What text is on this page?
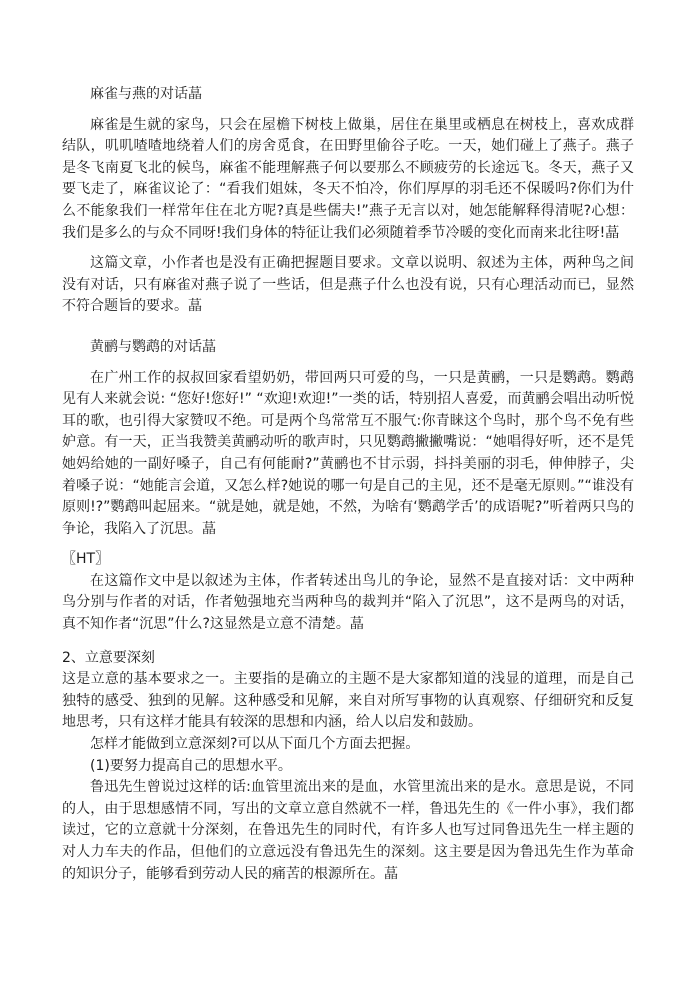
麻雀与燕的对话蕌

麻雀是生就的家鸟，只会在屋檐下树枝上做巢，居住在巢里或栖息在树枝上，喜欢成群结队，叽叽喳喳地绕着人们的房舍觅食，在田野里偷谷子吃。一天，她们碰上了燕子。燕子是冬飞南夏飞北的候鸟，麻雀不能理解燕子何以要那么不顾疲劳的长途远飞。冬天，燕子又要飞走了，麻雀议论了：“看我们姐妹，冬天不怕冷，你们厚厚的羽毛还不保暖吗?你们为什么不能象我们一样常年住在北方呢?真是些儒夫!”燕子无言以对，她怎能解释得清呢?心想：我们是多么的与众不同呀!我们身体的特征让我们必须随着季节冷暖的变化而南来北往呀!蕌

这篇文章，小作者也是没有正确把握题目要求。文章以说明、叙述为主体，两种鸟之间没有对话，只有麻雀对燕子说了一些话，但是燕子什么也没有说，只有心理活动而已，显然不符合题旨的要求。蕌

黄鹂与鹦鹉的对话蕌

在广州工作的叔叔回家看望奶奶，带回两只可爱的鸟，一只是黄鹂，一只是鹦鹉。鹦鹉见有人来就会说: “您好!您好!” “欢迎!欢迎!”一类的话，特别招人喜爱，而黄鹂会唱出动听悦耳的歌，也引得大家赞叹不绝。可是两个鸟常常互不服气:你青睐这个鸟时，那个鸟不免有些妒意。有一天，正当我赞美黄鹂动听的歌声时，只见鹦鹉撇撇嘴说：“她唱得好听，还不是凭她妈给她的一副好嗓子，自己有何能耐?”黄鹂也不甘示弱，抖抖美丽的羽毛，伸伸脖子，尖着嗓子说：“她能言会道，又怎么样?她说的哪一句是自己的主见，还不是毫无原则。”“谁没有原则!?”鹦鹉叫起屈来。“就是她，就是她，不然，为啥有‘鹦鹉学舌’的成语呢?”听着两只鸟的争论，我陷入了沉思。蕌

〖HT〗

在这篇作文中是以叙述为主体，作者转述出鸟儿的争论，显然不是直接对话：文中两种鸟分别与作者的对话，作者勉强地充当两种鸟的裁判并“陷入了沉思”，这不是两鸟的对话，真不知作者“沉思”什么?这显然是立意不清楚。蕌

2、立意要深刻

这是立意的基本要求之一。主要指的是确立的主题不是大家都知道的浅显的道理，而是自己独特的感受、独到的见解。这种感受和见解，来自对所写事物的认真观察、仔细研究和反复地思考，只有这样才能具有较深的思想和内涵，给人以启发和鼓励。

怎样才能做到立意深刻?可以从下面几个方面去把握。

(1)要努力提高自己的思想水平。

鲁迅先生曾说过这样的话:血管里流出来的是血，水管里流出来的是水。意思是说，不同的人，由于思想感情不同，写出的文章立意自然就不一样，鲁迅先生的《一件小事》，我们都读过，它的立意就十分深刻，在鲁迅先生的同时代，有许多人也写过同鲁迅先生一样主题的对人力车夫的作品，但他们的立意远没有鲁迅先生的深刻。这主要是因为鲁迅先生作为革命的知识分子，能够看到劳动人民的痛苦的根源所在。蕌
